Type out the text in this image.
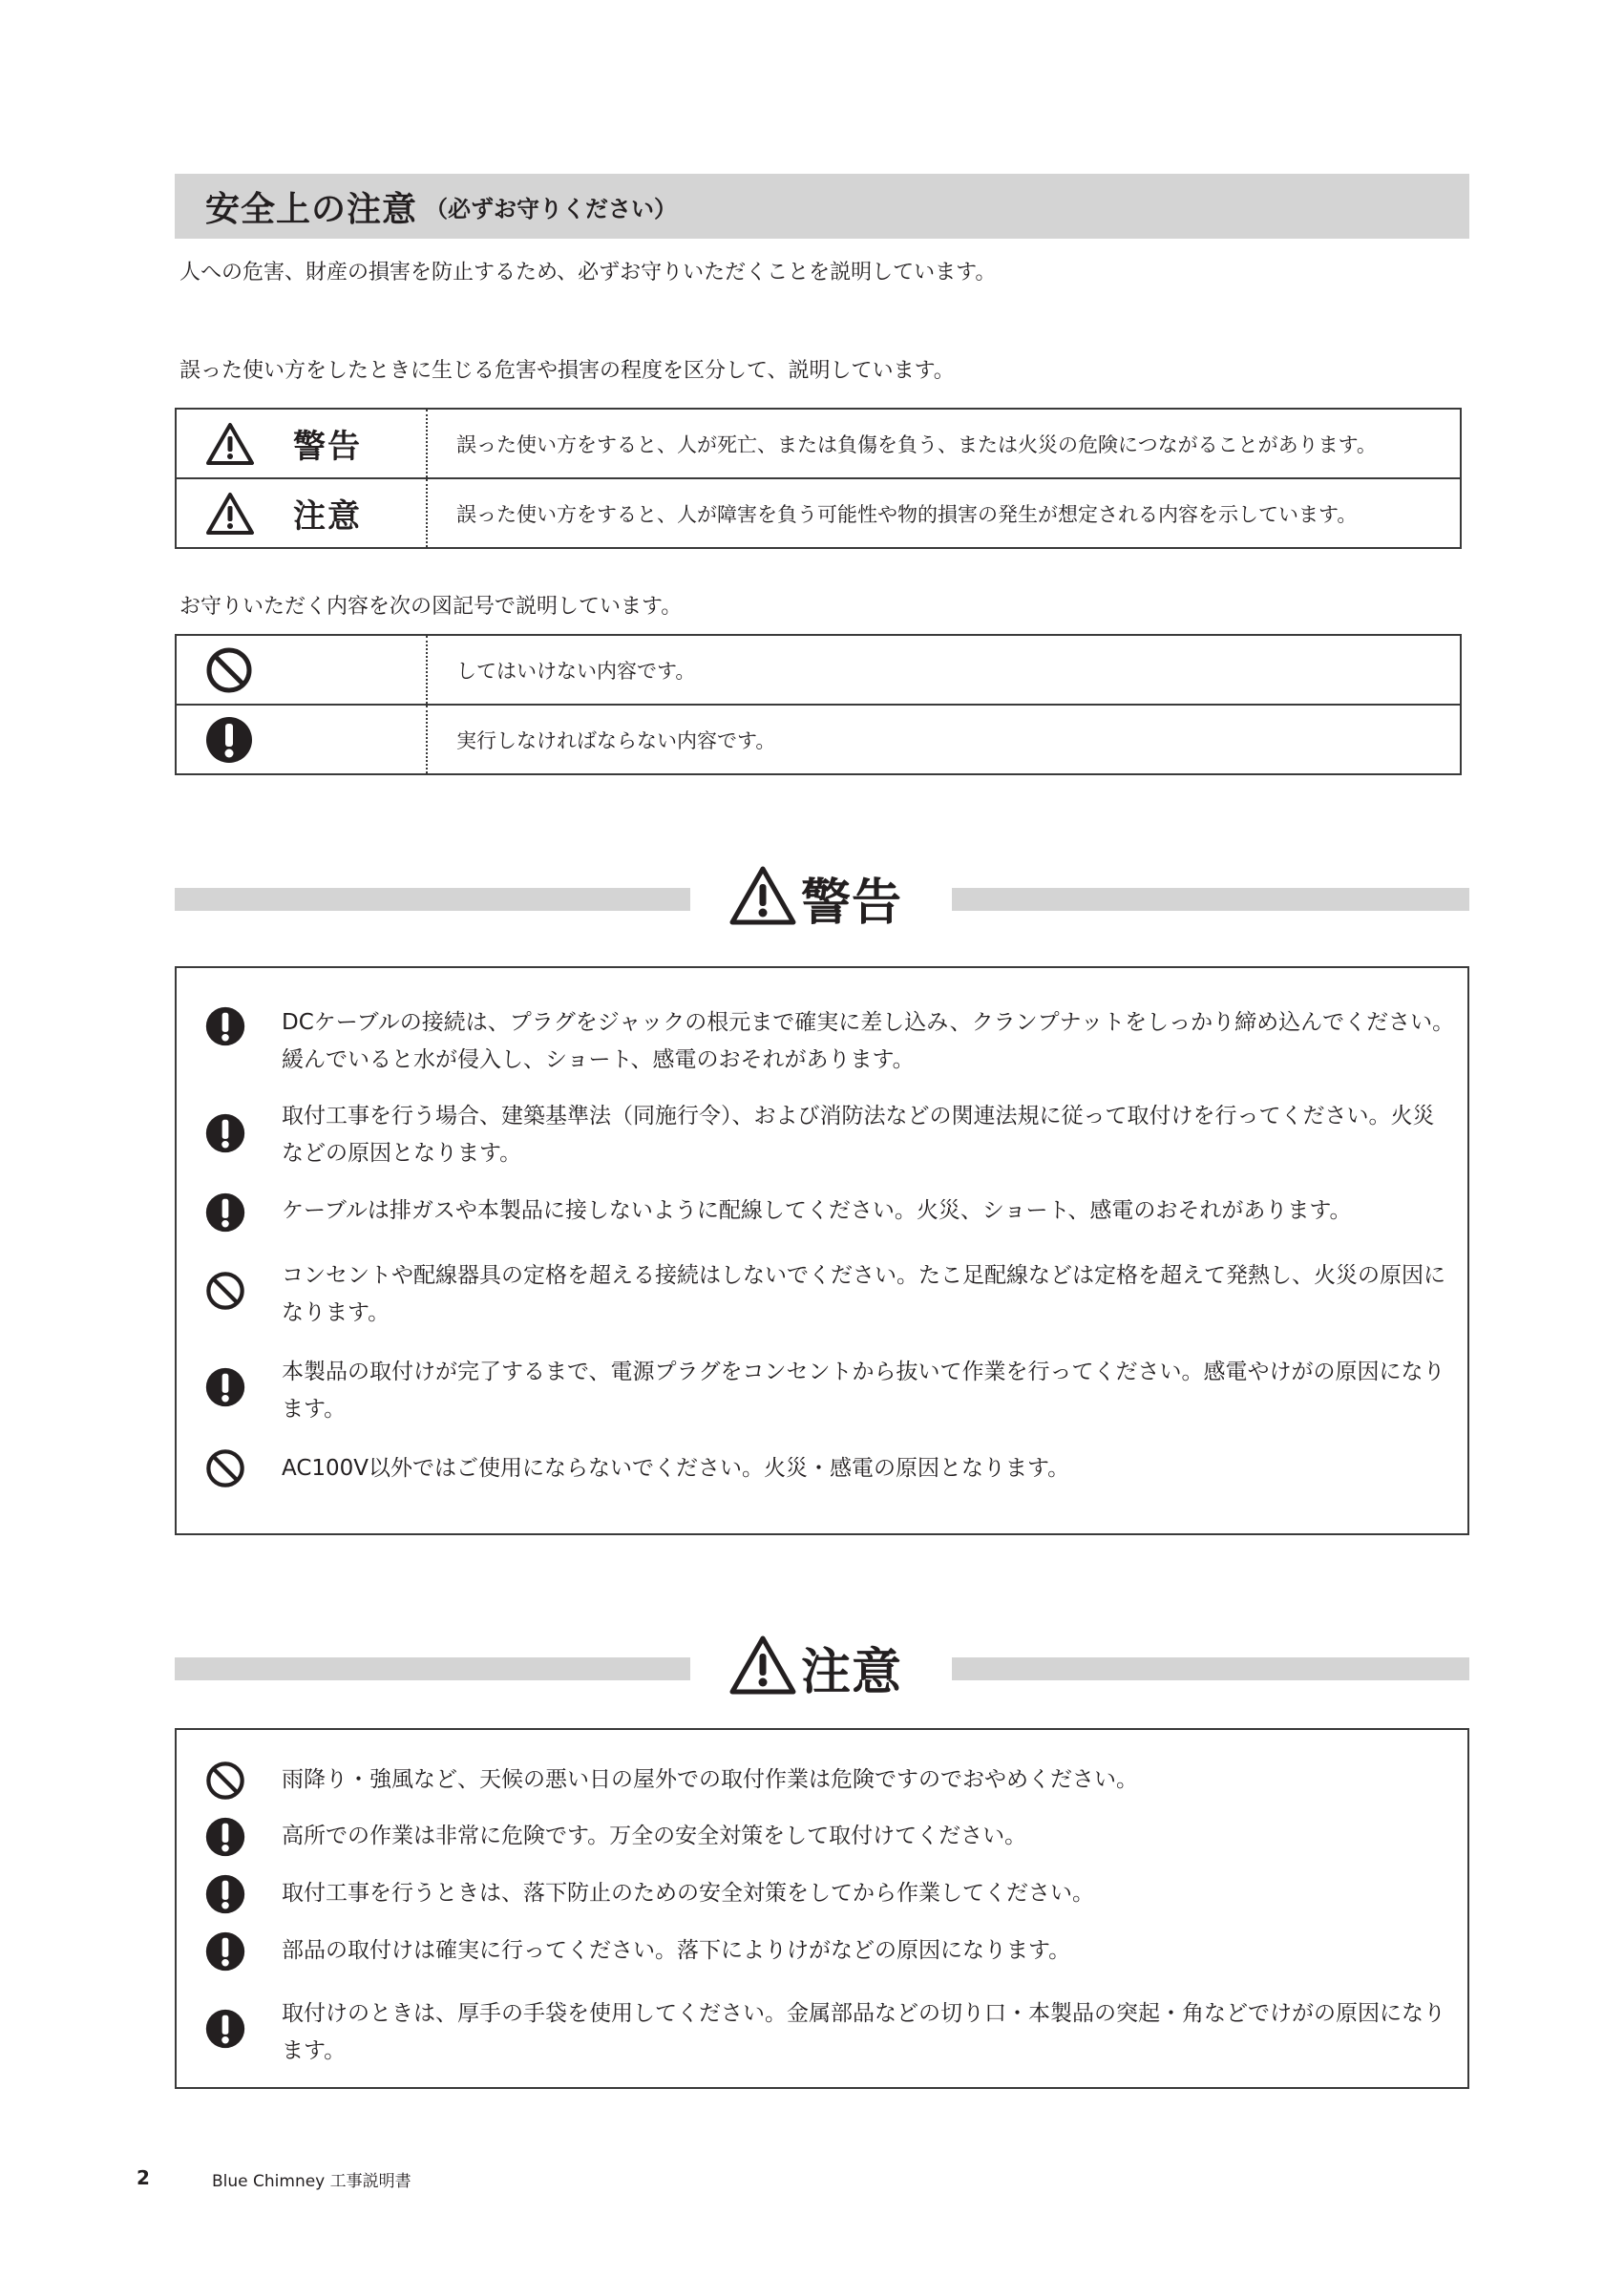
安全上の注意 （必ずお守りください）
人への危害、財産の損害を防止するため、必ずお守りいただくことを説明しています。
誤った使い方をしたときに生じる危害や損害の程度を区分して、説明しています。
警告	誤った使い方をすると、人が死亡、または負傷を負う、または火災の危険につながることがあります。
注意	誤った使い方をすると、人が障害を負う可能性や物的損害の発生が想定される内容を示しています。
お守りいただく内容を次の図記号で説明しています。
してはいけない内容です。
実行しなければならない内容です。
警告
DCケーブルの接続は、プラグをジャックの根元まで確実に差し込み、クランプナットをしっかり締め込んでください。緩んでいると水が侵入し、ショート、感電のおそれがあります。
取付工事を行う場合、建築基準法（同施行令）、および消防法などの関連法規に従って取付けを行ってください。火災などの原因となります。
ケーブルは排ガスや本製品に接しないように配線してください。火災、ショート、感電のおそれがあります。
コンセントや配線器具の定格を超える接続はしないでください。たこ足配線などは定格を超えて発熱し、火災の原因になります。
本製品の取付けが完了するまで、電源プラグをコンセントから抜いて作業を行ってください。感電やけがの原因になります。
AC100V以外ではご使用にならないでください。火災・感電の原因となります。
注意
雨降り・強風など、天候の悪い日の屋外での取付作業は危険ですのでおやめください。
高所での作業は非常に危険です。万全の安全対策をして取付けてください。
取付工事を行うときは、落下防止のための安全対策をしてから作業してください。
部品の取付けは確実に行ってください。落下によりけがなどの原因になります。
取付けのときは、厚手の手袋を使用してください。金属部品などの切り口・本製品の突起・角などでけがの原因になります。
2	Blue Chimney 工事説明書
